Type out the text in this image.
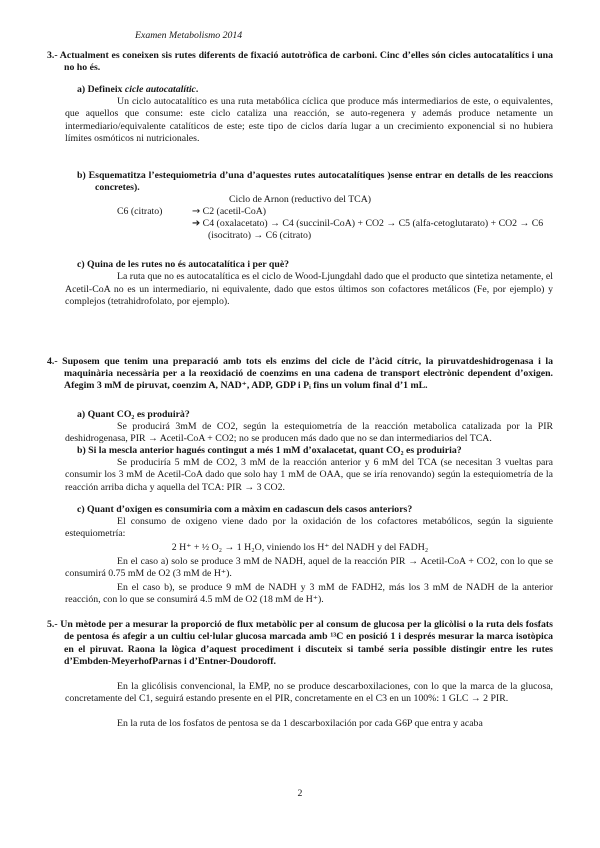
Examen Metabolismo 2014

3.- Actualment es coneixen sis rutes diferents de fixació autotròfica de carboni. Cinc d’elles són cicles autocatalítics i una no ho és.

a) Defineix cicle autocatalític.

Un ciclo autocatalítico es una ruta metabólica cíclica que produce más intermediarios de este, o equivalentes, que aquellos que consume: este ciclo cataliza una reacción, se auto-regenera y además produce netamente un intermediario/equivalente catalíticos de este; este tipo de ciclos daría lugar a un crecimiento exponencial si no hubiera límites osmóticos ni nutricionales.

b) Esquematitza l’estequiometria d’una d’aquestes rutes autocatalítiques )sense entrar en detalls de les reaccions concretes).

Ciclo de Arnon (reductivo del TCA)

C6 (citrato)	→ C2 (acetil-CoA)
➔ C4 (oxalacetato) → C4 (succinil-CoA) + CO2 → C5 (alfa-cetoglutarato) + CO2 → C6 (isocitrato) → C6 (citrato)

c) Quina de les rutes no és autocatalítica i per què?

La ruta que no es autocatalítica es el ciclo de Wood-Ljungdahl dado que el producto que sintetiza netamente, el Acetil-CoA no es un intermediario, ni equivalente, dado que estos últimos son cofactores metálicos (Fe, por ejemplo) y complejos (tetrahidrofolato, por ejemplo).

4.- Suposem que tenim una preparació amb tots els enzims del cicle de l’àcid cítric, la piruvatdeshidrogenasa i la maquinària necessària per a la reoxidació de coenzims en una cadena de transport electrònic dependent d’oxigen. Afegim 3 mM de piruvat, coenzim A, NAD⁺, ADP, GDP i Pᵢ fins un volum final d’1 mL.

a) Quant CO₂ es produirà?

Se producirá 3mM de CO2, según la estequiometría de la reacción metabolica catalizada por la PIR deshidrogenasa, PIR → Acetil-CoA + CO2; no se producen más dado que no se dan intermediarios del TCA.

b) Si la mescla anterior hagués contingut a més 1 mM d’oxalacetat, quant CO₂ es produiria?

Se produciría 5 mM de CO2, 3 mM de la reacción anterior y 6 mM del TCA (se necesitan 3 vueltas para consumir los 3 mM de Acetil-CoA dado que solo hay 1 mM de OAA, que se iría renovando) según la estequiometría de la reacción arriba dicha y aquella del TCA: PIR → 3 CO2.

c) Quant d’oxigen es consumiria com a màxim en cadascun dels casos anteriors?

El consumo de oxigeno viene dado por la oxidación de los cofactores metabólicos, según la siguiente estequiometría:

2 H⁺ + ½ O₂ → 1 H₂O, viniendo los H⁺ del NADH y del FADH₂

En el caso a) solo se produce 3 mM de NADH, aquel de la reacción PIR → Acetil-CoA + CO2, con lo que se consumirá 0.75 mM de O2 (3 mM de H⁺).

En el caso b), se produce 9 mM de NADH y 3 mM de FADH2, más los 3 mM de NADH de la anterior reacción, con lo que se consumirá 4.5 mM de O2 (18 mM de H⁺).

5.- Un mètode per a mesurar la proporció de flux metabòlic per al consum de glucosa per la glicòlisi o la ruta dels fosfats de pentosa és afegir a un cultiu cel·lular glucosa marcada amb ¹³C en posició 1 i després mesurar la marca isotòpica en el piruvat. Raona la lògica d’aquest procediment i discuteix si també seria possible distingir entre les rutes d’Embden-MeyerhofParnas i d’Entner-Doudoroff.

En la glicólisis convencional, la EMP, no se produce descarboxilaciones, con lo que la marca de la glucosa, concretamente del C1, seguirá estando presente en el PIR, concretamente en el C3 en un 100%: 1 GLC → 2 PIR.

En la ruta de los fosfatos de pentosa se da 1 descarboxilación por cada G6P que entra y acaba

2
